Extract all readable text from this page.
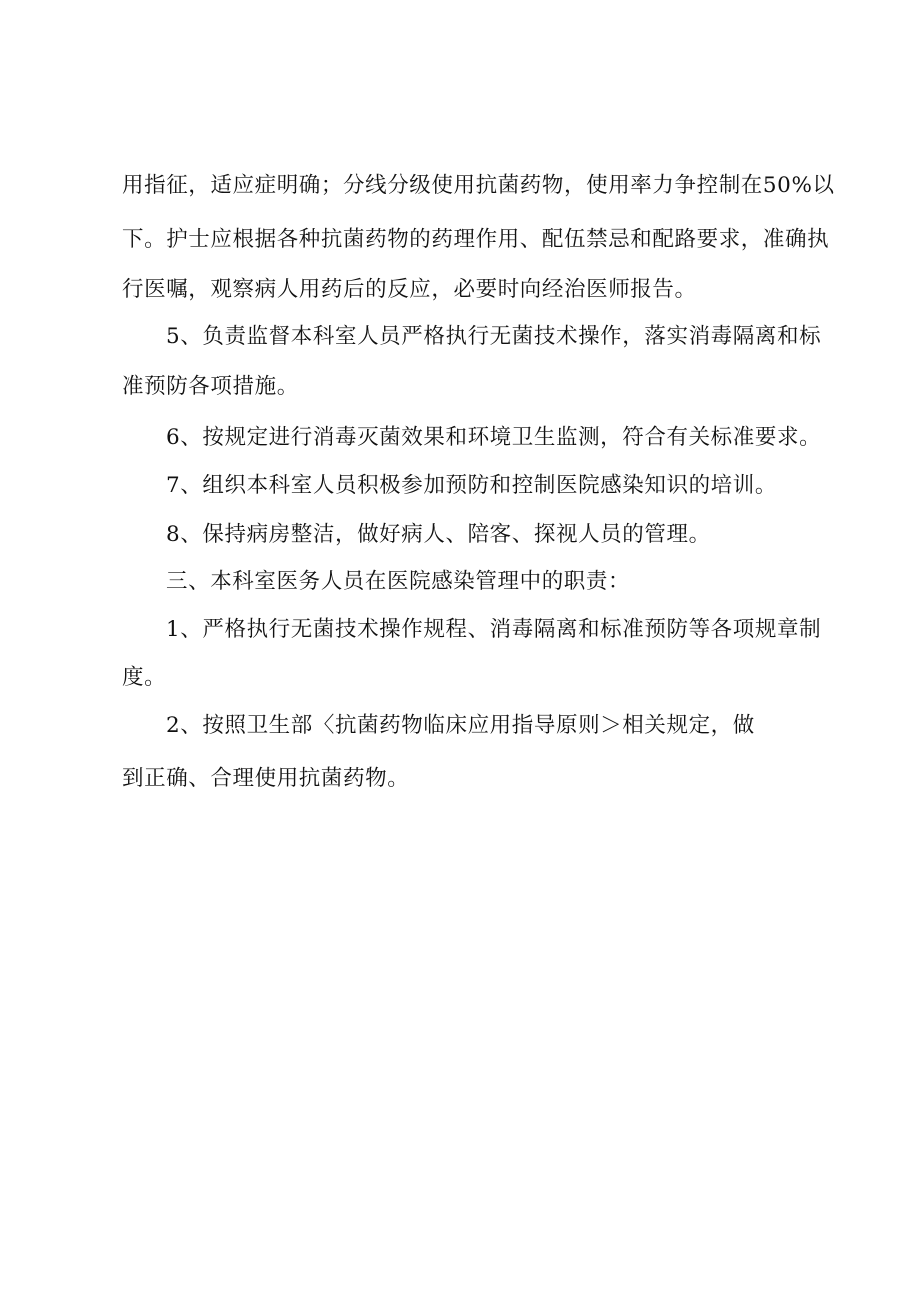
用指征，适应症明确；分线分级使用抗菌药物，使用率力争控制在50%以
下。护士应根据各种抗菌药物的药理作用、配伍禁忌和配路要求，准确执
行医嘱，观察病人用药后的反应，必要时向经治医师报告。
5、负责监督本科室人员严格执行无菌技术操作，落实消毒隔离和标
准预防各项措施。
6、按规定进行消毒灭菌效果和环境卫生监测，符合有关标准要求。
7、组织本科室人员积极参加预防和控制医院感染知识的培训。
8、保持病房整洁，做好病人、陪客、探视人员的管理。
三、本科室医务人员在医院感染管理中的职责：
1、严格执行无菌技术操作规程、消毒隔离和标准预防等各项规章制
度。
2、按照卫生部〈抗菌药物临床应用指导原则＞相关规定，做
到正确、合理使用抗菌药物。
